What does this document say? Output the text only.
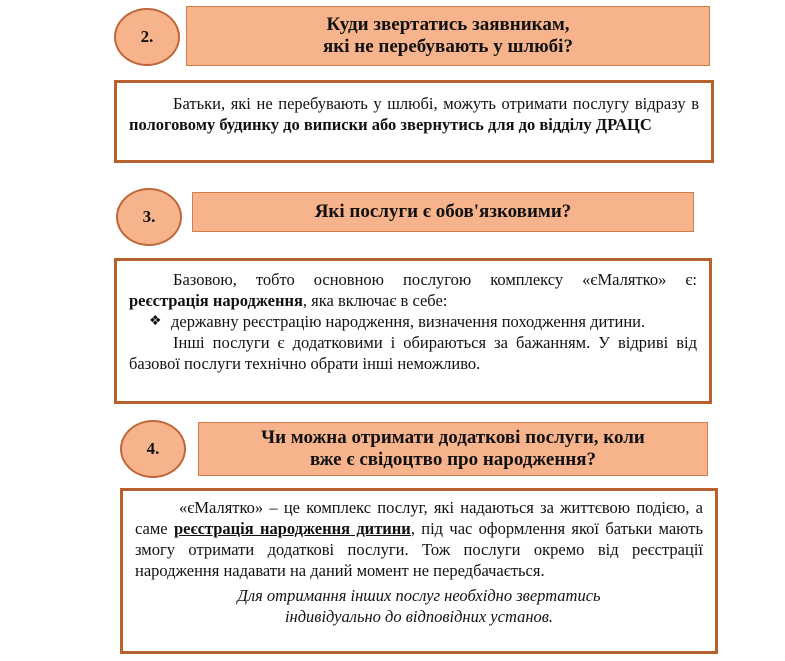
2.
Куди звертатись заявникам,
які не перебувають у шлюбі?

Батьки, які не перебувають у шлюбі, можуть отримати послугу відразу в пологовому будинку до виписки або звернутись для до відділу ДРАЦС

3.	Які послуги є обов'язковими?

Базовою, тобто основною послугою комплексу «єМалятко» є:

реєстрація народження, яка включає в себе:

❖ державну реєстрацію народження, визначення походження дитини.

Інші послуги є додатковими і обираються за бажанням. У відриві від базової послуги технічно обрати інші неможливо.

4.
Чи можна отримати додаткові послуги, коли
вже є свідоцтво про народження?

«єМалятко» – це комплекс послуг, які надаються за життєвою подією, а саме реєстрація народження дитини, під час оформлення якої батьки мають змогу отримати додаткові послуги. Тож послуги окремо від реєстрації народження надавати на даний момент не передбачається.

Для отримання інших послуг необхідно звертатись

індивідуально до відповідних установ.
